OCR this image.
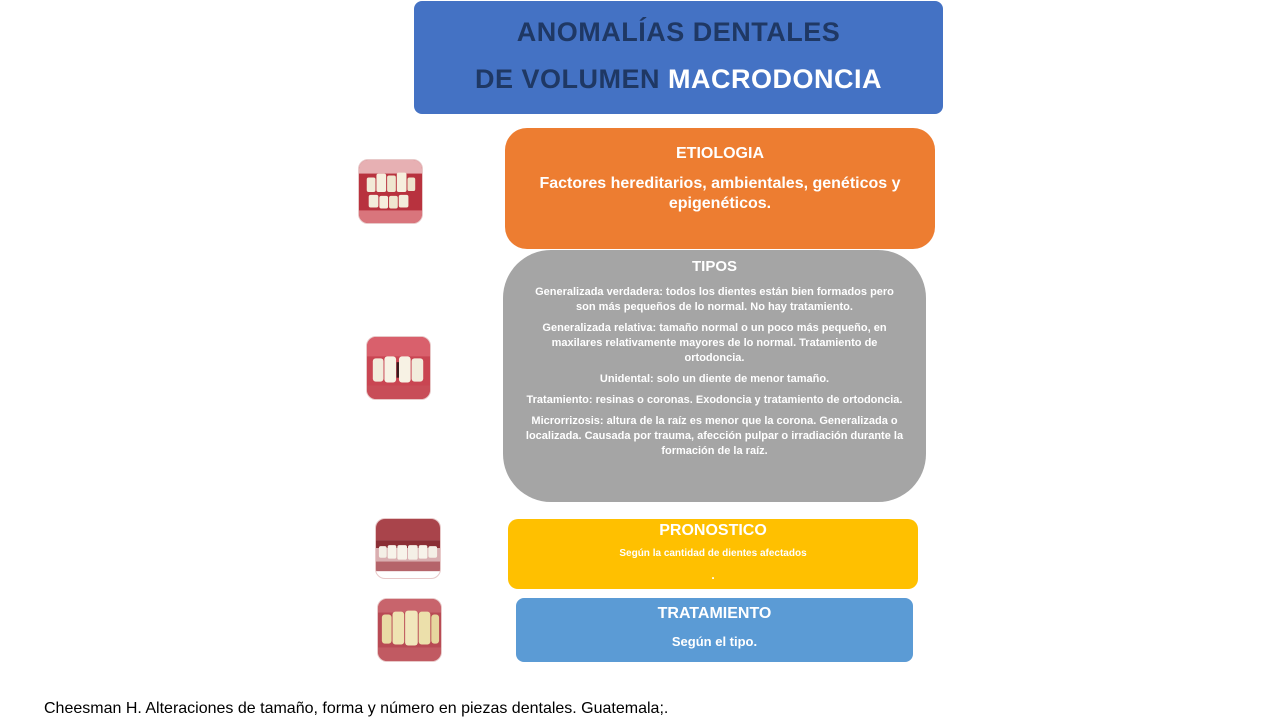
ANOMALÍAS DENTALES

DE VOLUMEN MACRODONCIA

ETIOLOGIA
Factores hereditarios, ambientales, genéticos y epigenéticos.
TIPOS

Generalizada verdadera: todos los dientes están bien formados pero son más pequeños de lo normal. No hay tratamiento.

Generalizada relativa: tamaño normal o un poco más pequeño, en maxilares relativamente mayores de lo normal. Tratamiento de ortodoncia.

Unidental: solo un diente de menor tamaño.

Tratamiento: resinas o coronas. Exodoncia y tratamiento de ortodoncia.

Microrrizosis: altura de la raíz es menor que la corona. Generalizada o localizada. Causada por trauma, afección pulpar o irradiación durante la formación de la raíz.

PRONOSTICO
Según la cantidad de dientes afectados
.
TRATAMIENTO
Según el tipo.
Cheesman H. Alteraciones de tamaño, forma y número en piezas dentales. Guatemala;.
